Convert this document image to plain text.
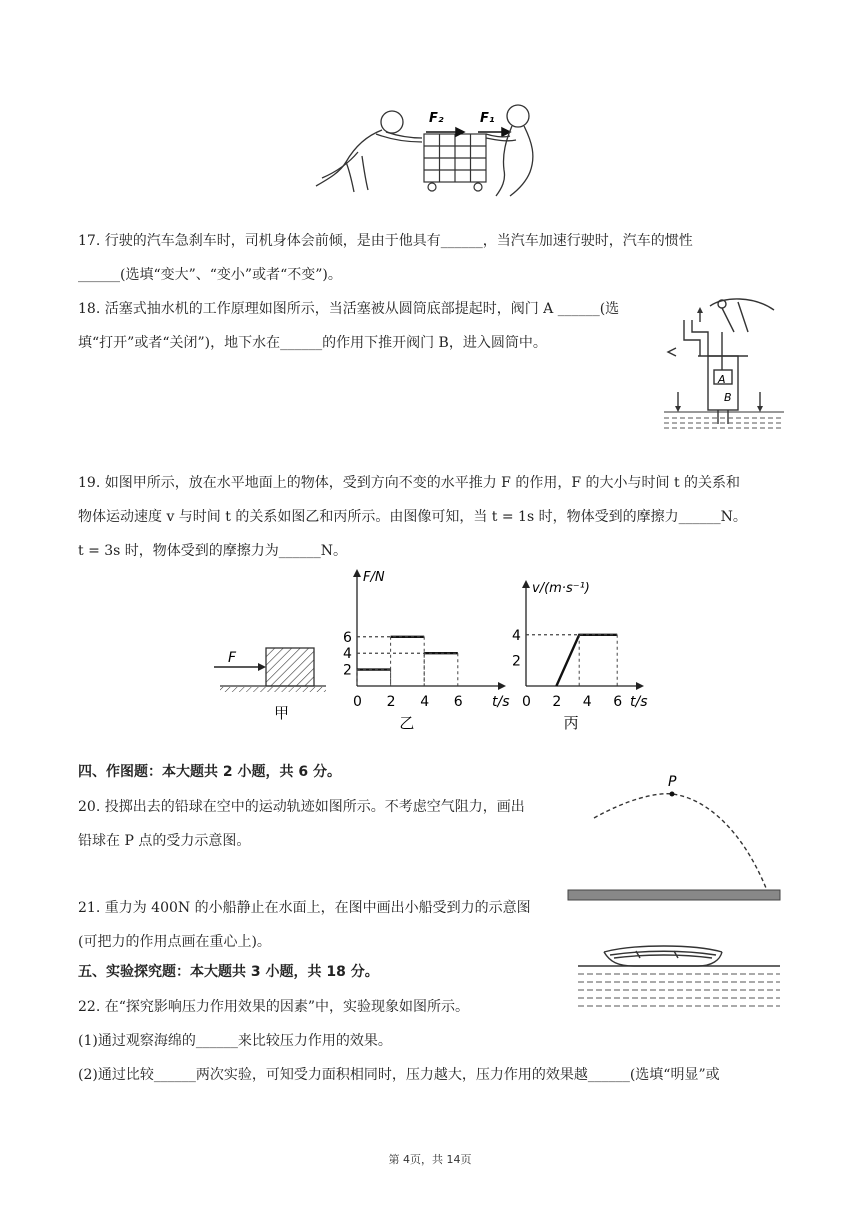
F₂	F₁
17. 行驶的汽车急刹车时，司机身体会前倾，是由于他具有______，当汽车加速行驶时，汽车的惯性
______(选填“变大”、“变小”或者“不变”)。
18. 活塞式抽水机的工作原理如图所示，当活塞被从圆筒底部提起时，阀门 A ______(选
填“打开”或者“关闭”)，地下水在______的作用下推开阀门 B，进入圆筒中。
A
B
19. 如图甲所示，放在水平地面上的物体，受到方向不变的水平推力 F 的作用，F 的大小与时间 t 的关系和
物体运动速度 v 与时间 t 的关系如图乙和丙所示。由图像可知，当 t = 1s 时，物体受到的摩擦力______N。
t = 3s 时，物体受到的摩擦力为______N。
F
甲
F/N
t/s
0 2 4 6
2
4
6
乙
v/(m·s⁻¹)
t/s
0 2 4 6
2
4
丙
四、作图题：本大题共 2 小题，共 6 分。
20. 投掷出去的铅球在空中的运动轨迹如图所示。不考虑空气阻力，画出
铅球在 P 点的受力示意图。
P
21. 重力为 400N 的小船静止在水面上，在图中画出小船受到力的示意图
(可把力的作用点画在重心上)。
五、实验探究题：本大题共 3 小题，共 18 分。
22. 在“探究影响压力作用效果的因素”中，实验现象如图所示。
(1)通过观察海绵的______来比较压力作用的效果。
(2)通过比较______两次实验，可知受力面积相同时，压力越大，压力作用的效果越______(选填“明显”或
第 4页，共 14页
